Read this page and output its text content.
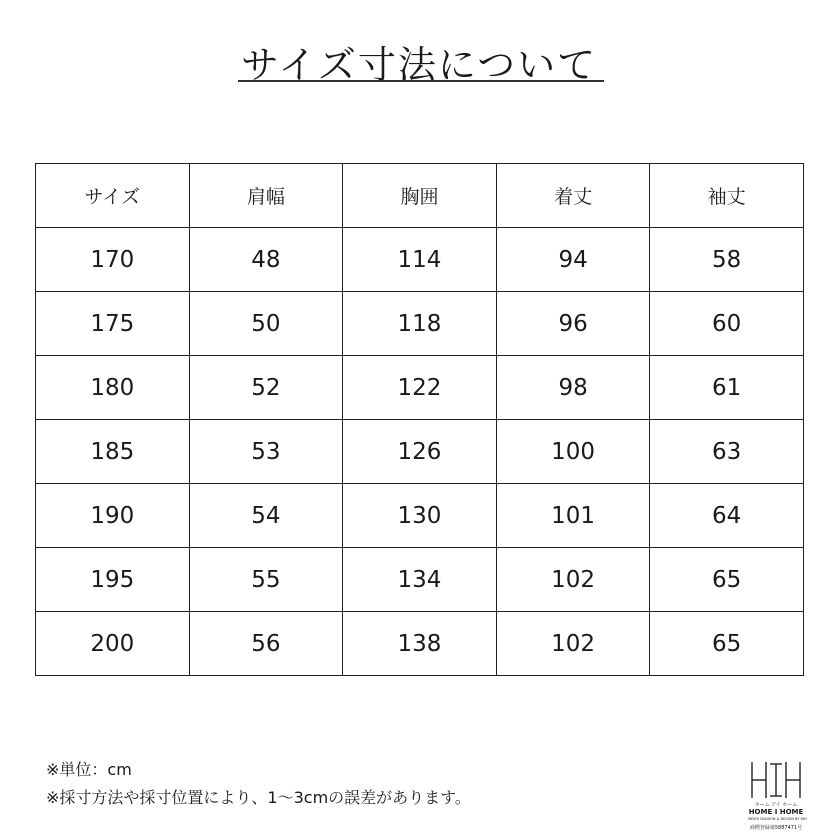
サイズ寸法について
サイズ	肩幅	胸囲	着丈	袖丈
170	48	114	94	58
175	50	118	96	60
180	52	122	98	61
185	53	126	100	63
190	54	130	101	64
195	55	134	102	65
200	56	138	102	65
※単位：cm
※採寸方法や採寸位置により、1～3cmの誤差があります。	ホーム アイ ホーム
HOME I HOME
MEN'S FASHION & DESIGN BY HIH
商標登録第5887471号
